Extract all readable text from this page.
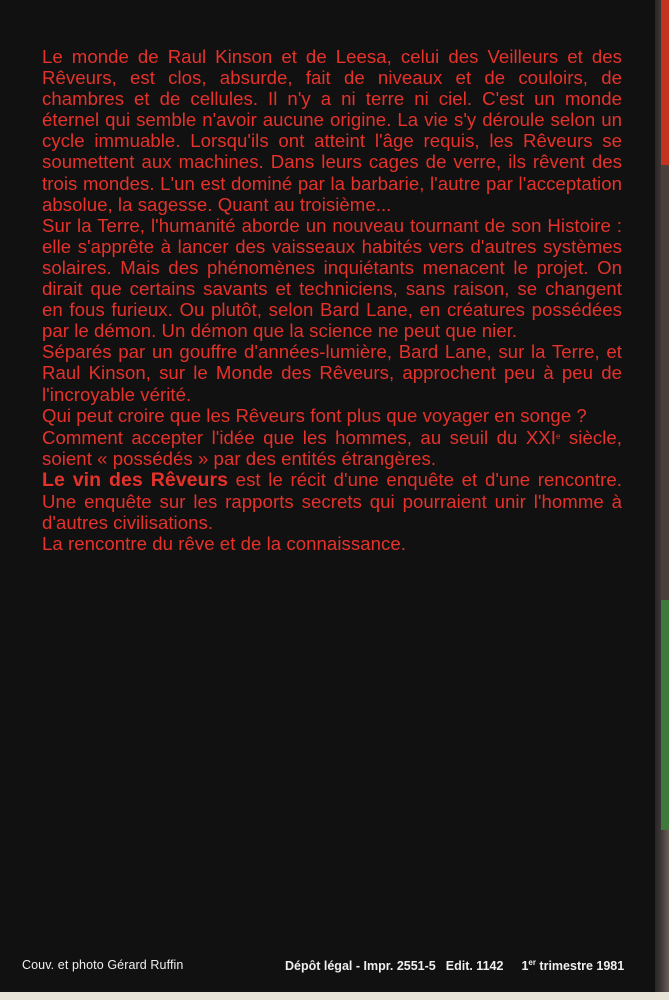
Le monde de Raul Kinson et de Leesa, celui des Veilleurs et des Rêveurs, est clos, absurde, fait de niveaux et de couloirs, de chambres et de cellules. Il n'y a ni terre ni ciel. C'est un monde éternel qui semble n'avoir aucune origine. La vie s'y déroule selon un cycle immuable. Lorsqu'ils ont atteint l'âge requis, les Rêveurs se soumettent aux machines. Dans leurs cages de verre, ils rêvent des trois mondes. L'un est dominé par la barbarie, l'autre par l'acceptation absolue, la sagesse. Quant au troisième...

Sur la Terre, l'humanité aborde un nouveau tournant de son Histoire : elle s'apprête à lancer des vaisseaux habités vers d'autres systèmes solaires. Mais des phénomènes inquiétants menacent le projet. On dirait que certains savants et techniciens, sans raison, se changent en fous furieux. Ou plutôt, selon Bard Lane, en créatures possédées par le démon. Un démon que la science ne peut que nier.

Séparés par un gouffre d'années-lumière, Bard Lane, sur la Terre, et Raul Kinson, sur le Monde des Rêveurs, approchent peu à peu de l'incroyable vérité.

Qui peut croire que les Rêveurs font plus que voyager en songe ?

Comment accepter l'idée que les hommes, au seuil du XXIe siècle, soient « possédés » par des entités étrangères.

Le vin des Rêveurs est le récit d'une enquête et d'une rencontre. Une enquête sur les rapports secrets qui pourraient unir l'homme à d'autres civilisations.

La rencontre du rêve et de la connaissance.

Couv. et photo Gérard Ruffin	Dépôt légal - Impr. 2551-5 Edit. 1142 1er trimestre 1981
